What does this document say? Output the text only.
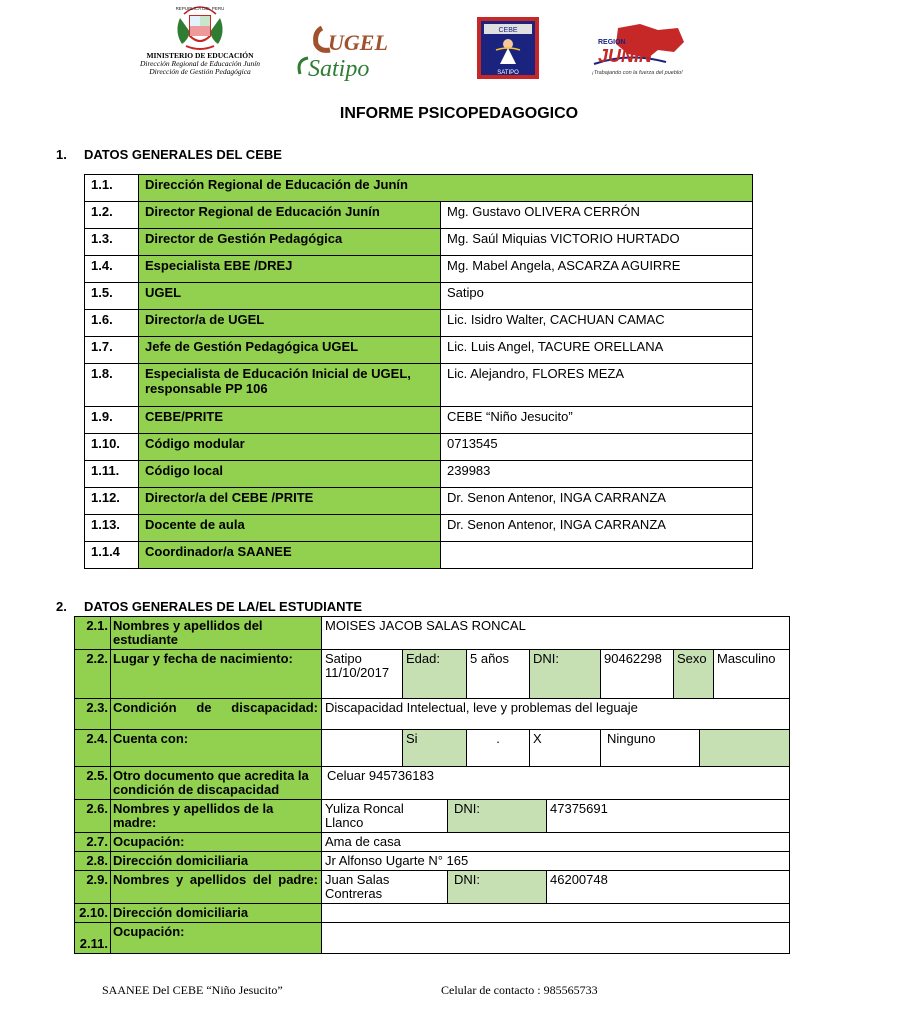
REPUBLICA DEL PERU
MINISTERIO DE EDUCACIÓN
Dirección Regional de Educación Junín
Dirección de Gestión Pedagógica
UGEL
Satipo
CEBE
SATIPO
REGION
JUNIN
¡Trabajando con la fuerza del pueblo!
INFORME PSICOPEDAGOGICO
1. DATOS GENERALES DEL CEBE
1.1.	Dirección Regional de Educación de Junín	
1.2.	Director Regional de Educación Junín	Mg. Gustavo OLIVERA CERRÓN
1.3.	Director de Gestión Pedagógica	Mg. Saúl Miquias VICTORIO HURTADO
1.4.	Especialista EBE /DREJ	Mg. Mabel Angela, ASCARZA AGUIRRE
1.5.	UGEL	Satipo
1.6.	Director/a de UGEL	Lic. Isidro Walter, CACHUAN CAMAC
1.7.	Jefe de Gestión Pedagógica UGEL	Lic. Luis Angel, TACURE ORELLANA
1.8.	Especialista de Educación Inicial de UGEL, responsable PP 106	Lic. Alejandro, FLORES MEZA
1.9.	CEBE/PRITE	CEBE “Niño Jesucito”
1.10.	Código modular	0713545
1.11.	Código local	239983
1.12.	Director/a del CEBE /PRITE	Dr. Senon Antenor, INGA CARRANZA
1.13.	Docente de aula	Dr. Senon Antenor, INGA CARRANZA
1.1.4	Coordinador/a SAANEE	
2. DATOS GENERALES DE LA/EL ESTUDIANTE
2.1.	Nombres y apellidos del estudiante	MOISES JACOB SALAS RONCAL									
2.2.	Lugar y fecha de nacimiento:	Satipo 11/10/2017	Edad:		5 años	DNI:		90462298	Sexo		Masculino
2.3.	Condición de discapacidad:	Discapacidad Intelectual, leve y problemas del leguaje									
2.4.	Cuenta con:		Si		.	X		Ninguno			
2.5.	Otro documento que acredita la condición de discapacidad	Celuar 945736183									
2.6.	Nombres y apellidos de la madre:	Yuliza Roncal Llanco		DNI:			47375691				
2.7.	Ocupación:	Ama de casa									
2.8.	Dirección domiciliaria	Jr Alfonso Ugarte N° 165									
2.9.	Nombres y apellidos del padre:	Juan Salas Contreras		DNI:			46200748				
2.10.	Dirección domiciliaria										
2.11.	Ocupación:										
SAANEE Del CEBE “Niño Jesucito”	Celular de contacto : 985565733
